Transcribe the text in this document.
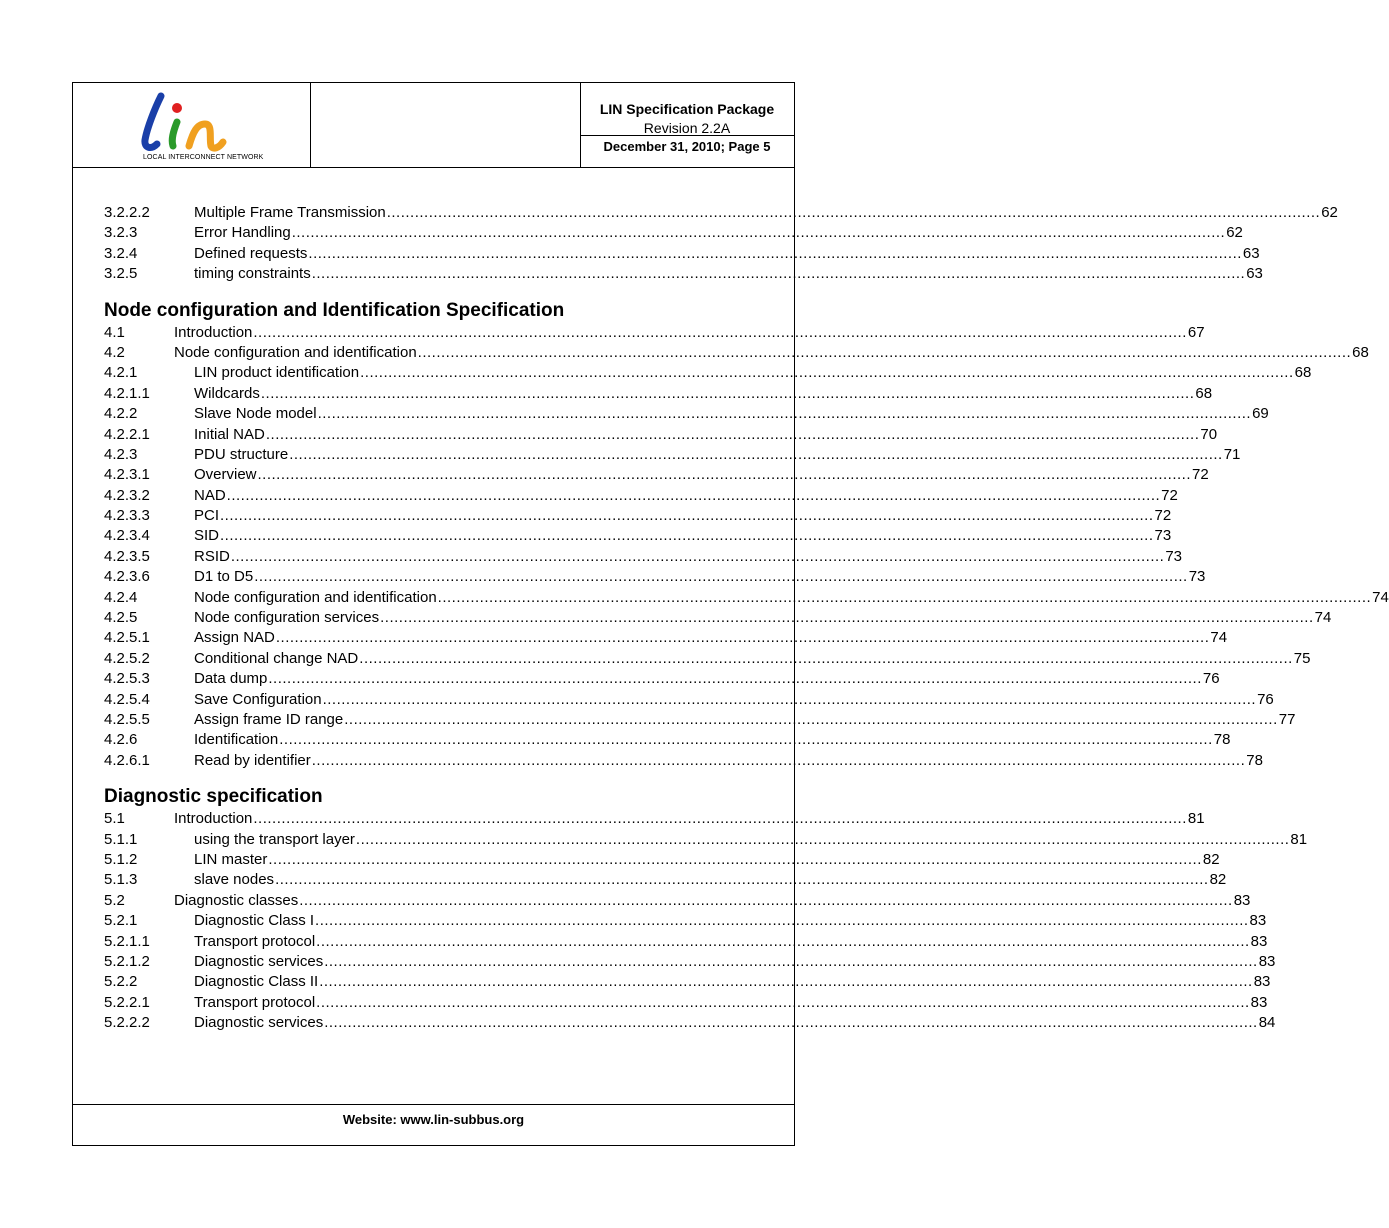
LOCAL INTERCONNECT NETWORK
LIN Specification Package
Revision 2.2A
December 31, 2010; Page 5
Website: www.lin-subbus.org
3.2.2.2	Multiple Frame Transmission ........................................................................................................................................................................................................ 62
3.2.3	Error Handling ........................................................................................................................................................................................................ 62
3.2.4	Defined requests ........................................................................................................................................................................................................ 63
3.2.5	timing constraints ........................................................................................................................................................................................................ 63
Node configuration and Identification Specification
4.1	Introduction ........................................................................................................................................................................................................ 67
4.2	Node configuration and identification ........................................................................................................................................................................................................ 68
4.2.1	LIN product identification ........................................................................................................................................................................................................ 68
4.2.1.1	Wildcards ........................................................................................................................................................................................................ 68
4.2.2	Slave Node model ........................................................................................................................................................................................................ 69
4.2.2.1	Initial NAD ........................................................................................................................................................................................................ 70
4.2.3	PDU structure ........................................................................................................................................................................................................ 71
4.2.3.1	Overview ........................................................................................................................................................................................................ 72
4.2.3.2	NAD ........................................................................................................................................................................................................ 72
4.2.3.3	PCI ........................................................................................................................................................................................................ 72
4.2.3.4	SID ........................................................................................................................................................................................................ 73
4.2.3.5	RSID ........................................................................................................................................................................................................ 73
4.2.3.6	D1 to D5 ........................................................................................................................................................................................................ 73
4.2.4	Node configuration and identification ........................................................................................................................................................................................................ 74
4.2.5	Node configuration services ........................................................................................................................................................................................................ 74
4.2.5.1	Assign NAD ........................................................................................................................................................................................................ 74
4.2.5.2	Conditional change NAD ........................................................................................................................................................................................................ 75
4.2.5.3	Data dump ........................................................................................................................................................................................................ 76
4.2.5.4	Save Configuration ........................................................................................................................................................................................................ 76
4.2.5.5	Assign frame ID range ........................................................................................................................................................................................................ 77
4.2.6	Identification ........................................................................................................................................................................................................ 78
4.2.6.1	Read by identifier ........................................................................................................................................................................................................ 78
Diagnostic specification
5.1	Introduction ........................................................................................................................................................................................................ 81
5.1.1	using the transport layer ........................................................................................................................................................................................................ 81
5.1.2	LIN master ........................................................................................................................................................................................................ 82
5.1.3	slave nodes ........................................................................................................................................................................................................ 82
5.2	Diagnostic classes ........................................................................................................................................................................................................ 83
5.2.1	Diagnostic Class I ........................................................................................................................................................................................................ 83
5.2.1.1	Transport protocol ........................................................................................................................................................................................................ 83
5.2.1.2	Diagnostic services ........................................................................................................................................................................................................ 83
5.2.2	Diagnostic Class II ........................................................................................................................................................................................................ 83
5.2.2.1	Transport protocol ........................................................................................................................................................................................................ 83
5.2.2.2	Diagnostic services ........................................................................................................................................................................................................ 84
